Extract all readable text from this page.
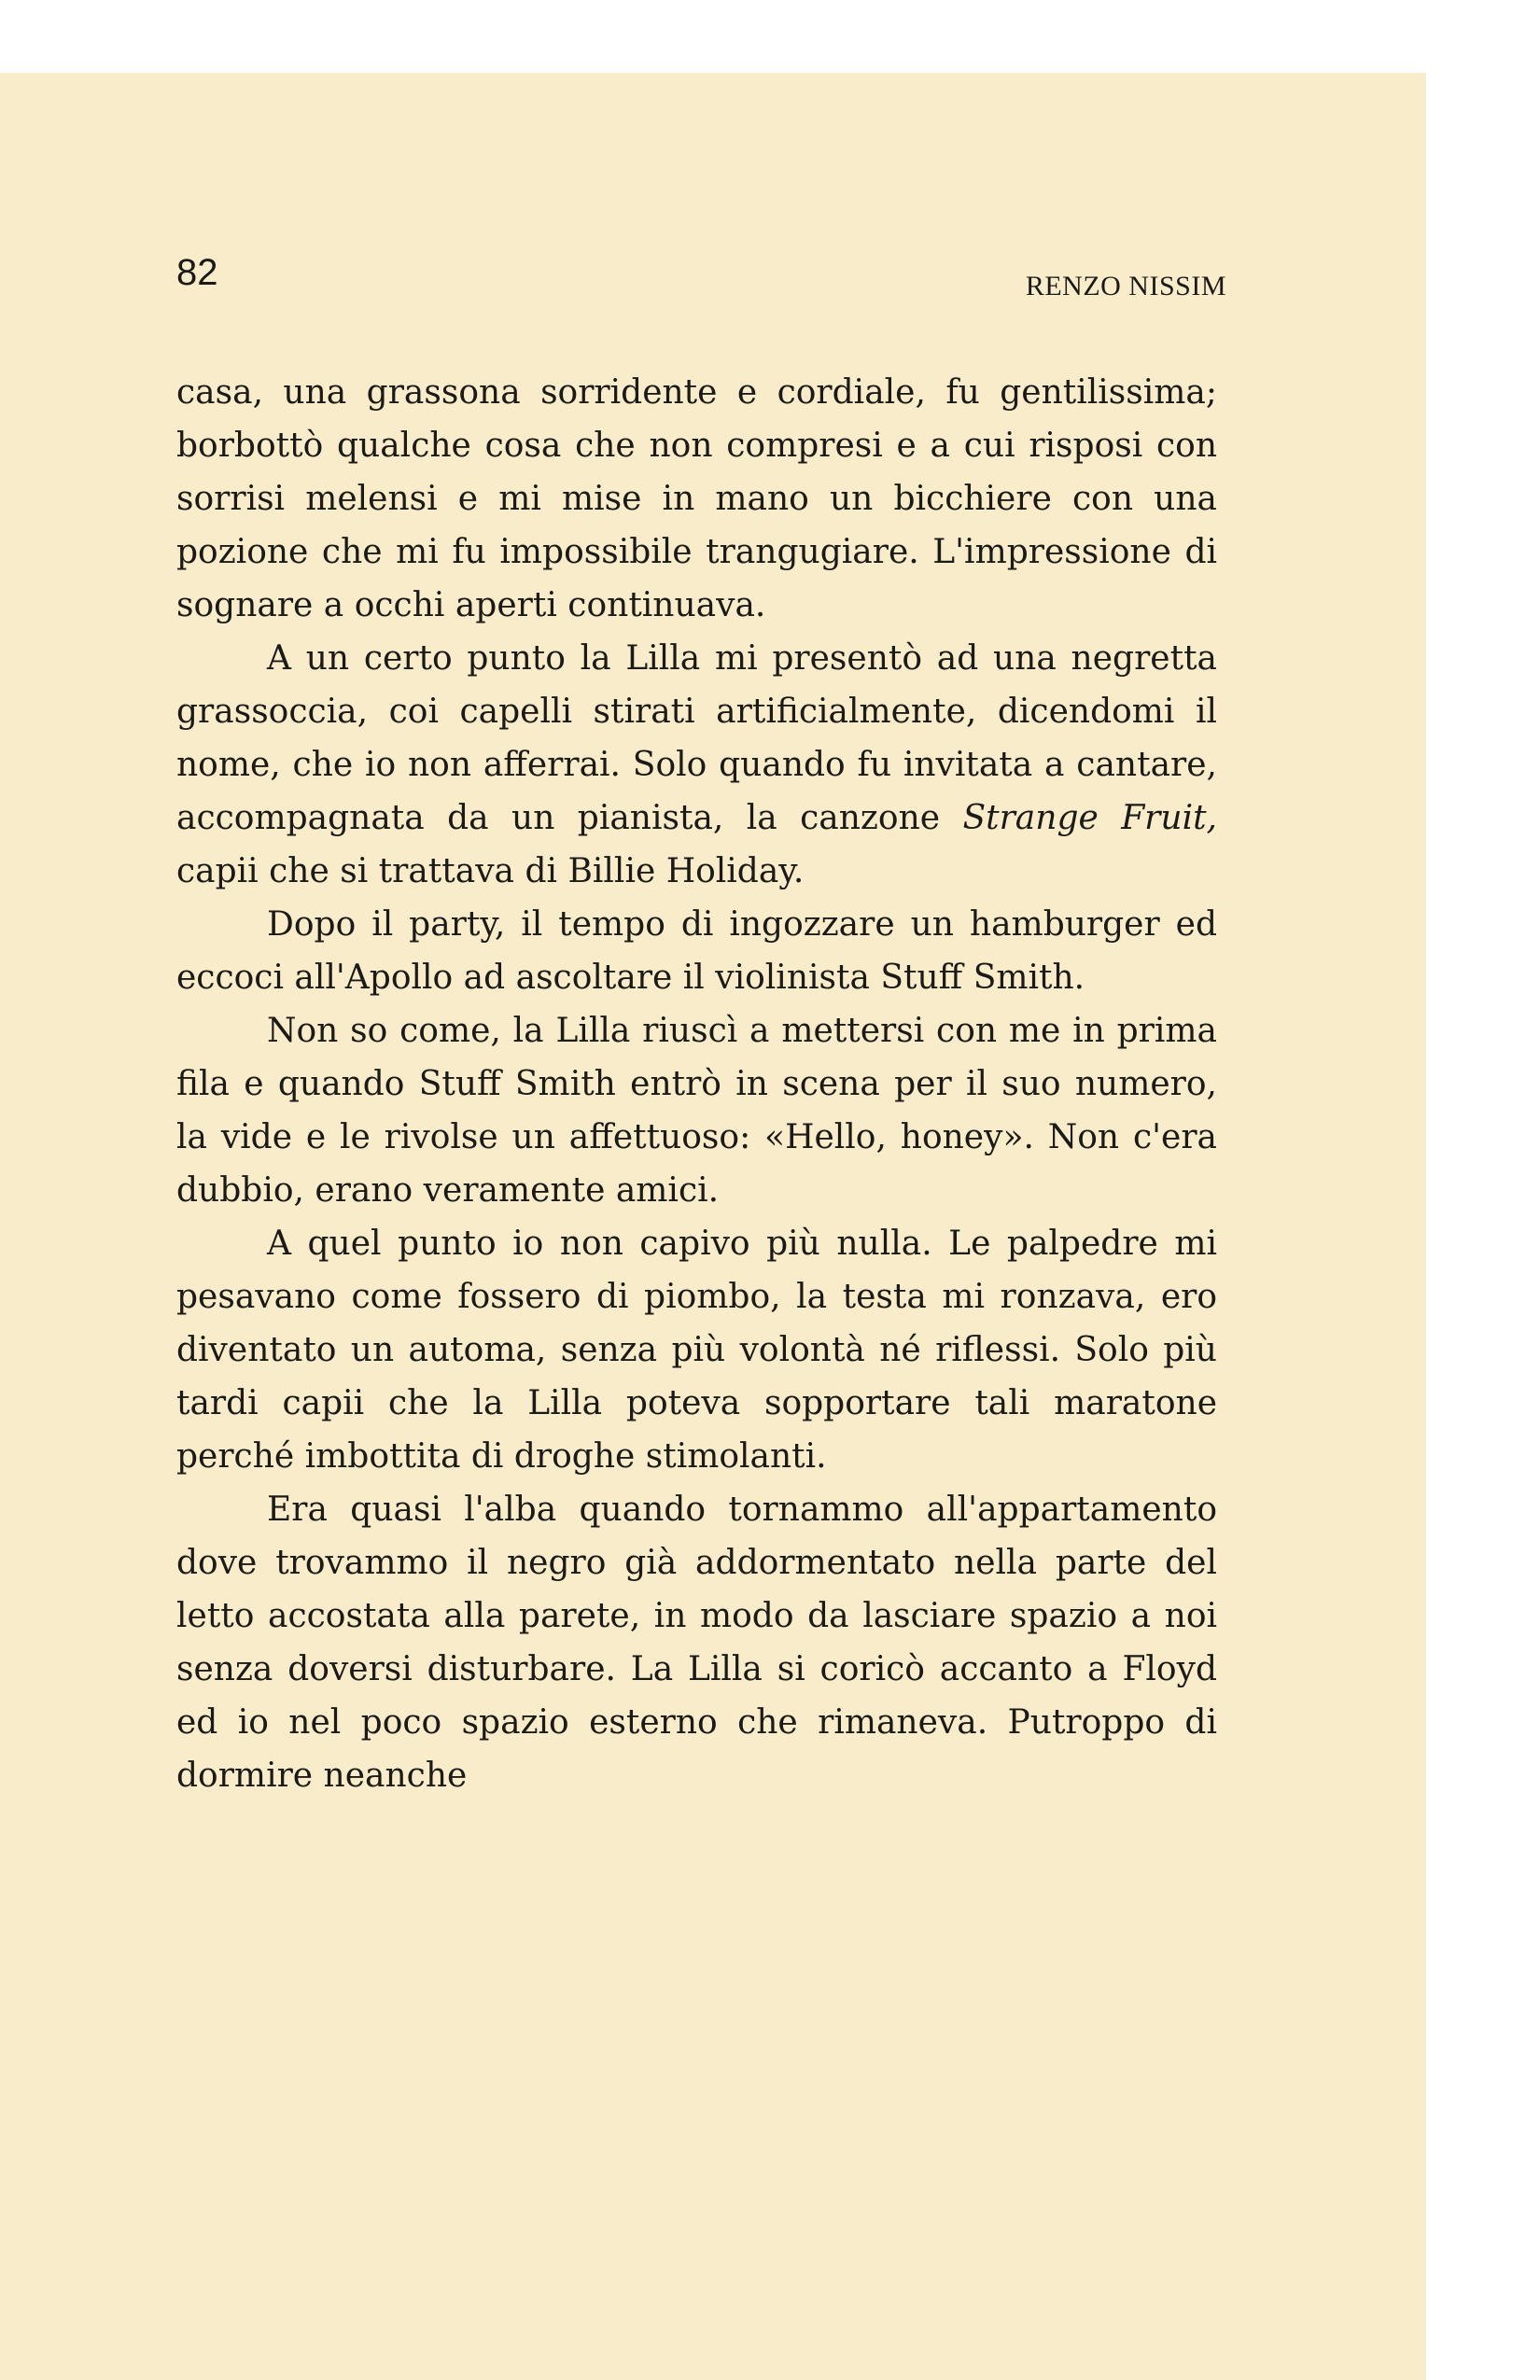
82	RENZO NISSIM

casa, una grassona sorridente e cordiale, fu gentilissima; borbottò qualche cosa che non compresi e a cui risposi con sorrisi melensi e mi mise in mano un bicchiere con una pozione che mi fu impossibile trangugiare. L'impressione di sognare a occhi aperti continuava.

A un certo punto la Lilla mi presentò ad una negretta grassoccia, coi capelli stirati artificialmente, dicendomi il nome, che io non afferrai. Solo quando fu invitata a cantare, accompagnata da un pianista, la canzone Strange Fruit, capii che si trattava di Billie Holiday.

Dopo il party, il tempo di ingozzare un hamburger ed eccoci all'Apollo ad ascoltare il violinista Stuff Smith.

Non so come, la Lilla riuscì a mettersi con me in prima fila e quando Stuff Smith entrò in scena per il suo numero, la vide e le rivolse un affettuoso: «Hello, honey». Non c'era dubbio, erano veramente amici.

A quel punto io non capivo più nulla. Le palpedre mi pesavano come fossero di piombo, la testa mi ronzava, ero diventato un automa, senza più volontà né riflessi. Solo più tardi capii che la Lilla poteva sopportare tali maratone perché imbottita di droghe stimolanti.

Era quasi l'alba quando tornammo all'appartamento dove trovammo il negro già addormentato nella parte del letto accostata alla parete, in modo da lasciare spazio a noi senza doversi disturbare. La Lilla si coricò accanto a Floyd ed io nel poco spazio esterno che rimaneva. Putroppo di dormire neanche
